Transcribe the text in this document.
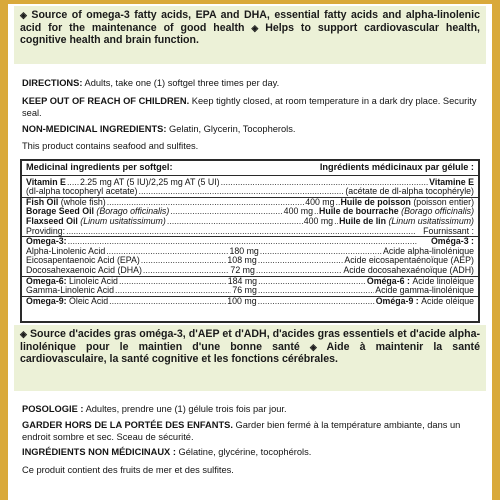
◈ Source of omega-3 fatty acids, EPA and DHA, essential fatty acids and alpha-linolenic acid for the maintenance of good health ◈ Helps to support cardiovascular health, cognitive health and brain function.
DIRECTIONS: Adults, take one (1) softgel three times per day.
KEEP OUT OF REACH OF CHILDREN. Keep tightly closed, at room temperature in a dark dry place. Security seal.
NON-MEDICINAL INGREDIENTS: Gelatin, Glycerin, Tocopherols.
This product contains seafood and sulfites.
Medicinal ingredients per softgel:	Ingrédients médicinaux par gélule :
Vitamin E ..... 2.25 mg AT (5 IU)/2,25 mg AT (5 UI) .....	Vitamine E
(dl-alpha tocopheryl acetate) .....	(acétate de dl-alpha tocophéryle)
Fish Oil (whole fish) .....	400 mg ..... Huile de poisson (poisson entier)
Borage Seed Oil (Borago officinalis) .....	400 mg ..... Huile de bourrache (Borago officinalis)
Flaxseed Oil (Linum usitatissimum) .....	400 mg ..... Huile de lin (Linum usitatissimum)
Providing: .....	Fournissant :
Omega-3: .....	Oméga-3 :
Alpha-Linolenic Acid .....	180 mg .....	Acide alpha-linolénique
Eicosapentaenoic Acid (EPA) .....	108 mg .....	Acide eicosapentaénoïque (AEP)
Docosahexaenoic Acid (DHA) .....	72 mg .....	Acide docosahexaénoïque (ADH)
Omega-6: Linoleic Acid .....	184 mg .....	Oméga-6 : Acide linoléique
Gamma-Linolenic Acid .....	76 mg .....	Acide gamma-linolénique
Omega-9: Oleic Acid .....	100 mg .....	Oméga-9 : Acide oléique
◈ Source d'acides gras oméga-3, d'AEP et d'ADH, d'acides gras essentiels et d'acide alpha-linolénique pour le maintien d'une bonne santé ◈ Aide à maintenir la santé cardiovasculaire, la santé cognitive et les fonctions cérébrales.
POSOLOGIE : Adultes, prendre une (1) gélule trois fois par jour.
GARDER HORS DE LA PORTÉE DES ENFANTS. Garder bien fermé à la température ambiante, dans un endroit sombre et sec. Sceau de sécurité.
INGRÉDIENTS NON MÉDICINAUX : Gélatine, glycérine, tocophérols.
Ce produit contient des fruits de mer et des sulfites.
